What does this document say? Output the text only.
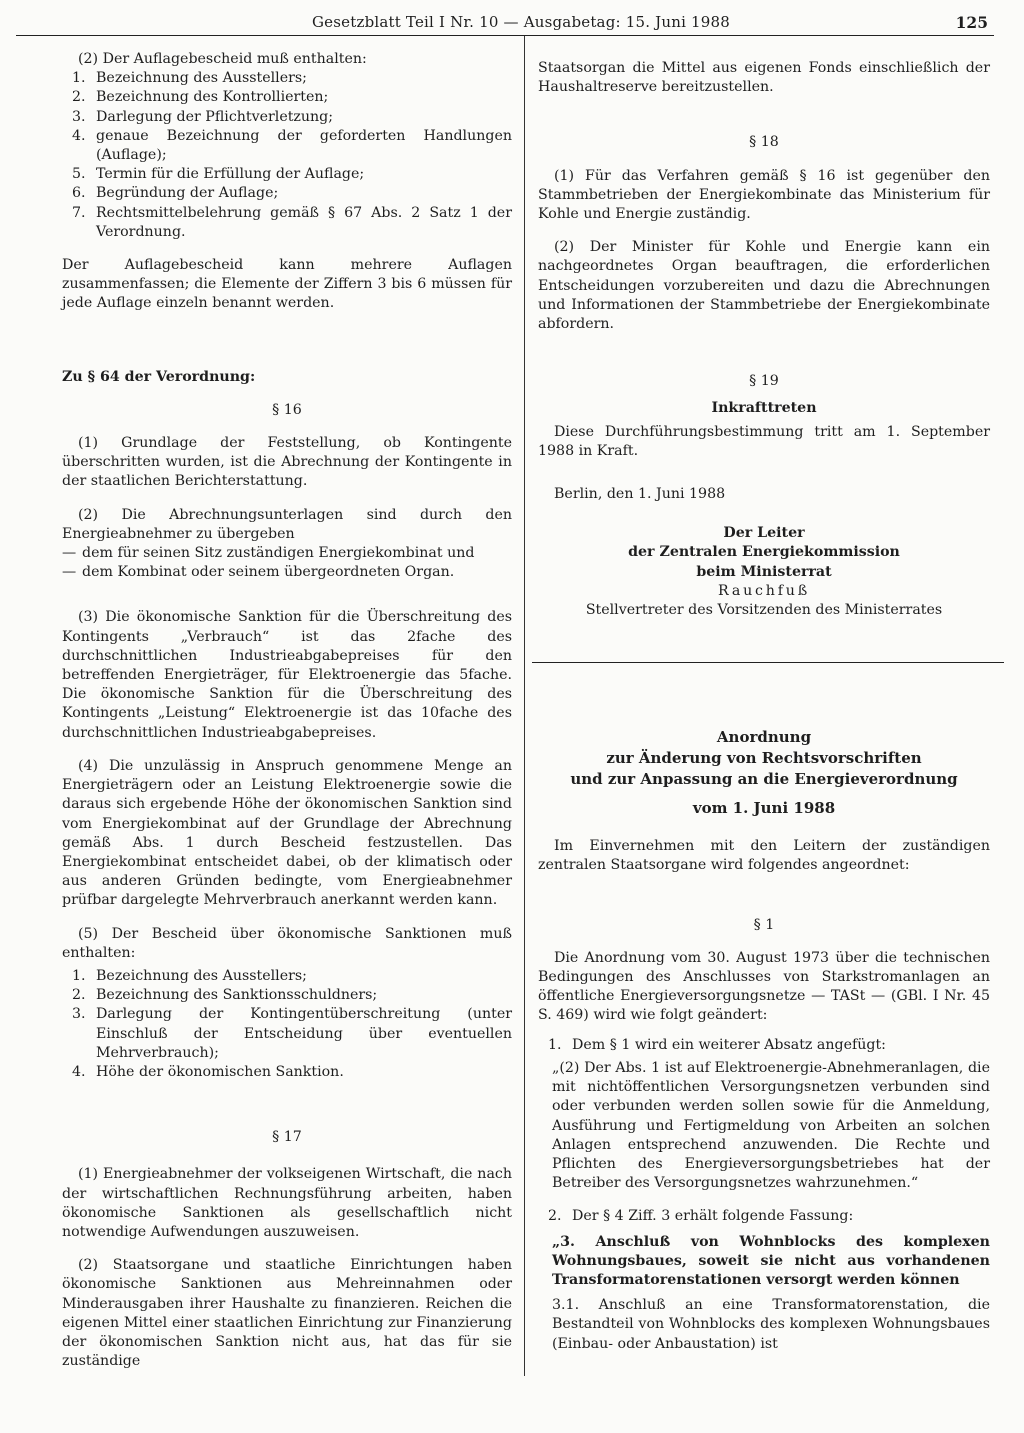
Gesetzblatt Teil I Nr. 10 — Ausgabetag: 15. Juni 1988	125

(2) Der Auflagebescheid muß enthalten:

1. Bezeichnung des Ausstellers;
2. Bezeichnung des Kontrollierten;
3. Darlegung der Pflichtverletzung;
4. genaue Bezeichnung der geforderten Handlungen (Auflage);
5. Termin für die Erfüllung der Auflage;
6. Begründung der Auflage;
7. Rechtsmittelbelehrung gemäß § 67 Abs. 2 Satz 1 der Verordnung.

Der Auflagebescheid kann mehrere Auflagen zusammenfassen; die Elemente der Ziffern 3 bis 6 müssen für jede Auflage einzeln benannt werden.

Zu § 64 der Verordnung:

§ 16

(1) Grundlage der Feststellung, ob Kontingente überschritten wurden, ist die Abrechnung der Kontingente in der staatlichen Berichterstattung.

(2) Die Abrechnungsunterlagen sind durch den Energieabnehmer zu übergeben

— dem für seinen Sitz zuständigen Energiekombinat und
— dem Kombinat oder seinem übergeordneten Organ.

(3) Die ökonomische Sanktion für die Überschreitung des Kontingents „Verbrauch“ ist das 2fache des durchschnittlichen Industrieabgabepreises für den betreffenden Energieträger, für Elektroenergie das 5fache. Die ökonomische Sanktion für die Überschreitung des Kontingents „Leistung“ Elektroenergie ist das 10fache des durchschnittlichen Industrieabgabepreises.

(4) Die unzulässig in Anspruch genommene Menge an Energieträgern oder an Leistung Elektroenergie sowie die daraus sich ergebende Höhe der ökonomischen Sanktion sind vom Energiekombinat auf der Grundlage der Abrechnung gemäß Abs. 1 durch Bescheid festzustellen. Das Energiekombinat entscheidet dabei, ob der klimatisch oder aus anderen Gründen bedingte, vom Energieabnehmer prüfbar dargelegte Mehrverbrauch anerkannt werden kann.

(5) Der Bescheid über ökonomische Sanktionen muß enthalten:

1. Bezeichnung des Ausstellers;
2. Bezeichnung des Sanktionsschuldners;
3. Darlegung der Kontingentüberschreitung (unter Einschluß der Entscheidung über eventuellen Mehrverbrauch);
4. Höhe der ökonomischen Sanktion.

§ 17

(1) Energieabnehmer der volkseigenen Wirtschaft, die nach der wirtschaftlichen Rechnungsführung arbeiten, haben ökonomische Sanktionen als gesellschaftlich nicht notwendige Aufwendungen auszuweisen.

(2) Staatsorgane und staatliche Einrichtungen haben ökonomische Sanktionen aus Mehreinnahmen oder Minderausgaben ihrer Haushalte zu finanzieren. Reichen die eigenen Mittel einer staatlichen Einrichtung zur Finanzierung der ökonomischen Sanktion nicht aus, hat das für sie zuständige

Staatsorgan die Mittel aus eigenen Fonds einschließlich der Haushaltreserve bereitzustellen.

§ 18

(1) Für das Verfahren gemäß § 16 ist gegenüber den Stammbetrieben der Energiekombinate das Ministerium für Kohle und Energie zuständig.

(2) Der Minister für Kohle und Energie kann ein nachgeordnetes Organ beauftragen, die erforderlichen Entscheidungen vorzubereiten und dazu die Abrechnungen und Informationen der Stammbetriebe der Energiekombinate abfordern.

§ 19

Inkrafttreten

Diese Durchführungsbestimmung tritt am 1. September 1988 in Kraft.

Berlin, den 1. Juni 1988

Der Leiter

der Zentralen Energiekommission

beim Ministerrat

Rauchfuß

Stellvertreter des Vorsitzenden des Ministerrates

Anordnung

zur Änderung von Rechtsvorschriften

und zur Anpassung an die Energieverordnung

vom 1. Juni 1988

Im Einvernehmen mit den Leitern der zuständigen zentralen Staatsorgane wird folgendes angeordnet:

§ 1

Die Anordnung vom 30. August 1973 über die technischen Bedingungen des Anschlusses von Starkstromanlagen an öffentliche Energieversorgungsnetze — TASt — (GBl. I Nr. 45 S. 469) wird wie folgt geändert:

1. Dem § 1 wird ein weiterer Absatz angefügt:

„(2) Der Abs. 1 ist auf Elektroenergie-Abnehmeranlagen, die mit nichtöffentlichen Versorgungsnetzen verbunden sind oder verbunden werden sollen sowie für die Anmeldung, Ausführung und Fertigmeldung von Arbeiten an solchen Anlagen entsprechend anzuwenden. Die Rechte und Pflichten des Energieversorgungsbetriebes hat der Betreiber des Versorgungsnetzes wahrzunehmen.“

2. Der § 4 Ziff. 3 erhält folgende Fassung:

„3. Anschluß von Wohnblocks des komplexen Wohnungsbaues, soweit sie nicht aus vorhandenen Transformatorenstationen versorgt werden können

3.1. Anschluß an eine Transformatorenstation, die Bestandteil von Wohnblocks des komplexen Wohnungsbaues (Einbau- oder Anbaustation) ist
